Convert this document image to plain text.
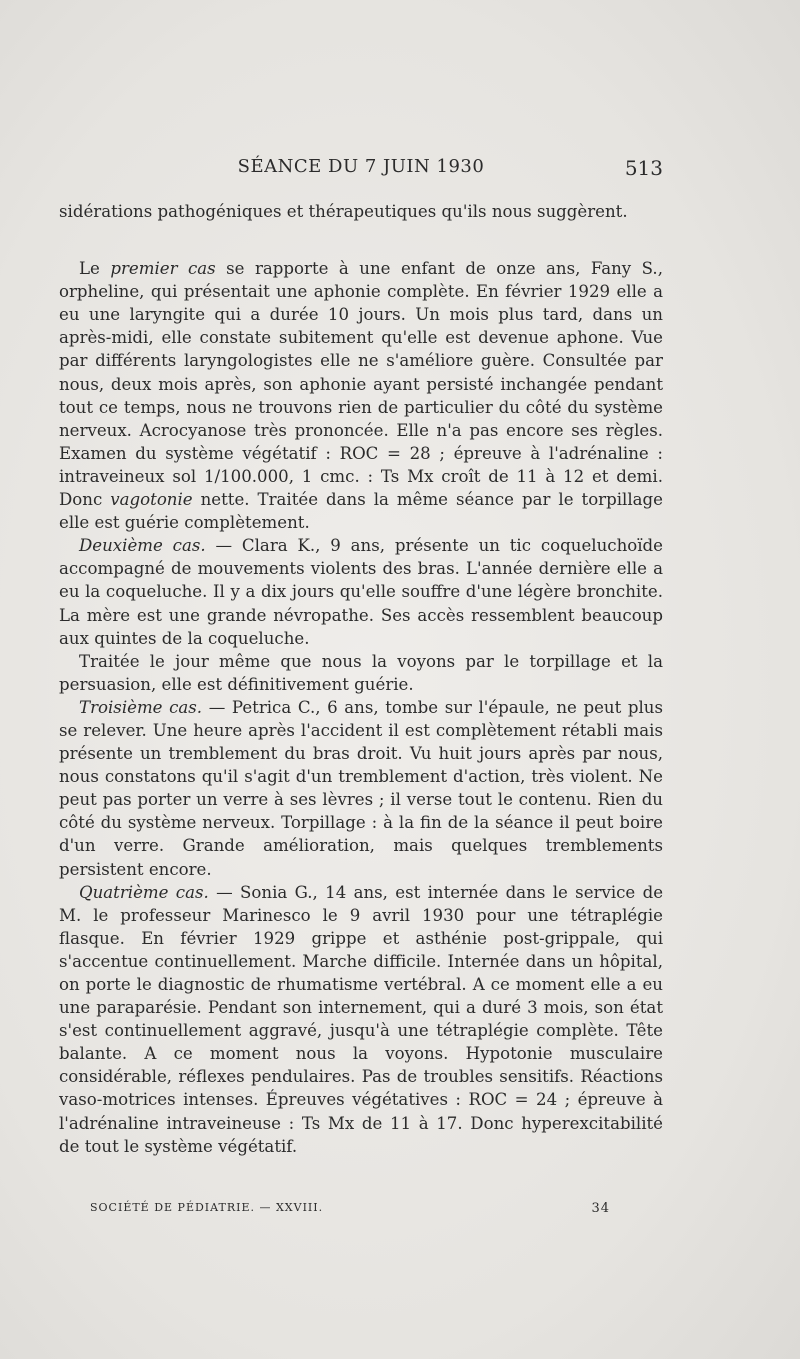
SÉANCE DU 7 JUIN 1930	513

sidérations pathogéniques et thérapeutiques qu'ils nous suggèrent.

Le premier cas se rapporte à une enfant de onze ans, Fany S., orpheline, qui présentait une aphonie complète. En février 1929 elle a eu une laryngite qui a durée 10 jours. Un mois plus tard, dans un après-midi, elle constate subitement qu'elle est devenue aphone. Vue par différents laryngologistes elle ne s'améliore guère. Consultée par nous, deux mois après, son aphonie ayant persisté inchangée pendant tout ce temps, nous ne trouvons rien de particulier du côté du système nerveux. Acrocyanose très prononcée. Elle n'a pas encore ses règles. Examen du système végétatif : ROC = 28 ; épreuve à l'adrénaline : intraveineux sol 1/100.000, 1 cmc. : Ts Mx croît de 11 à 12 et demi. Donc vagotonie nette. Traitée dans la même séance par le torpillage elle est guérie complètement.

Deuxième cas. — Clara K., 9 ans, présente un tic coqueluchoïde accompagné de mouvements violents des bras. L'année dernière elle a eu la coqueluche. Il y a dix jours qu'elle souffre d'une légère bronchite. La mère est une grande névropathe. Ses accès ressemblent beaucoup aux quintes de la coqueluche.

Traitée le jour même que nous la voyons par le torpillage et la persuasion, elle est définitivement guérie.

Troisième cas. — Petrica C., 6 ans, tombe sur l'épaule, ne peut plus se relever. Une heure après l'accident il est complètement rétabli mais présente un tremblement du bras droit. Vu huit jours après par nous, nous constatons qu'il s'agit d'un tremblement d'action, très violent. Ne peut pas porter un verre à ses lèvres ; il verse tout le contenu. Rien du côté du système nerveux. Torpillage : à la fin de la séance il peut boire d'un verre. Grande amélioration, mais quelques tremblements persistent encore.

Quatrième cas. — Sonia G., 14 ans, est internée dans le service de M. le professeur Marinesco le 9 avril 1930 pour une tétraplégie flasque. En février 1929 grippe et asthénie post-grippale, qui s'accentue continuellement. Marche difficile. Internée dans un hôpital, on porte le diagnostic de rhumatisme vertébral. A ce moment elle a eu une paraparésie. Pendant son internement, qui a duré 3 mois, son état s'est continuellement aggravé, jusqu'à une tétraplégie complète. Tête balante. A ce moment nous la voyons. Hypotonie musculaire considérable, réflexes pendulaires. Pas de troubles sensitifs. Réactions vaso-motrices intenses. Épreuves végétatives : ROC = 24 ; épreuve à l'adrénaline intraveineuse : Ts Mx de 11 à 17. Donc hyperexcitabilité de tout le système végétatif.

SOCIÉTÉ DE PÉDIATRIE. — XXVIII.	34
